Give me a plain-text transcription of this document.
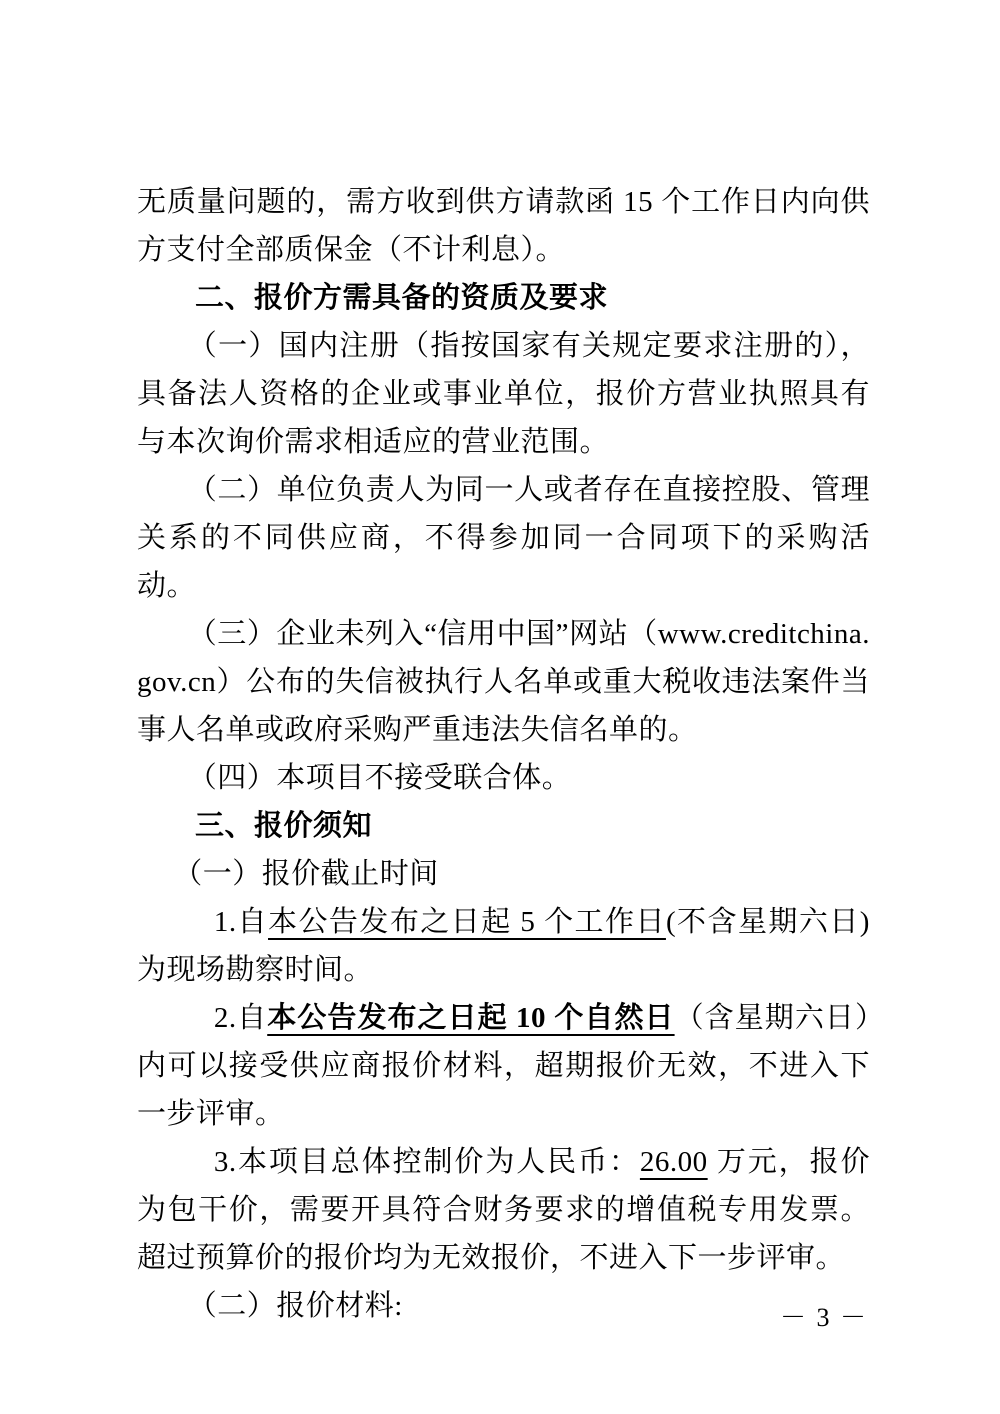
无质量问题的，需方收到供方请款函 15 个工作日内向供方支付全部质保金（不计利息）。

二、报价方需具备的资质及要求

（一）国内注册（指按国家有关规定要求注册的），具备法人资格的企业或事业单位，报价方营业执照具有与本次询价需求相适应的营业范围。

（二）单位负责人为同一人或者存在直接控股、管理关系的不同供应商，不得参加同一合同项下的采购活动。

（三）企业未列入“信用中国”网站（www.creditchina.gov.cn）公布的失信被执行人名单或重大税收违法案件当事人名单或政府采购严重违法失信名单的。

（四）本项目不接受联合体。

三、报价须知

（一）报价截止时间

1.自本公告发布之日起 5 个工作日(不含星期六日)为现场勘察时间。

2.自本公告发布之日起 10 个自然日（含星期六日）内可以接受供应商报价材料，超期报价无效，不进入下一步评审。

3.本项目总体控制价为人民币：26.00 万元，报价为包干价，需要开具符合财务要求的增值税专用发票。超过预算价的报价均为无效报价，不进入下一步评审。

（二）报价材料:	－ 3 －
